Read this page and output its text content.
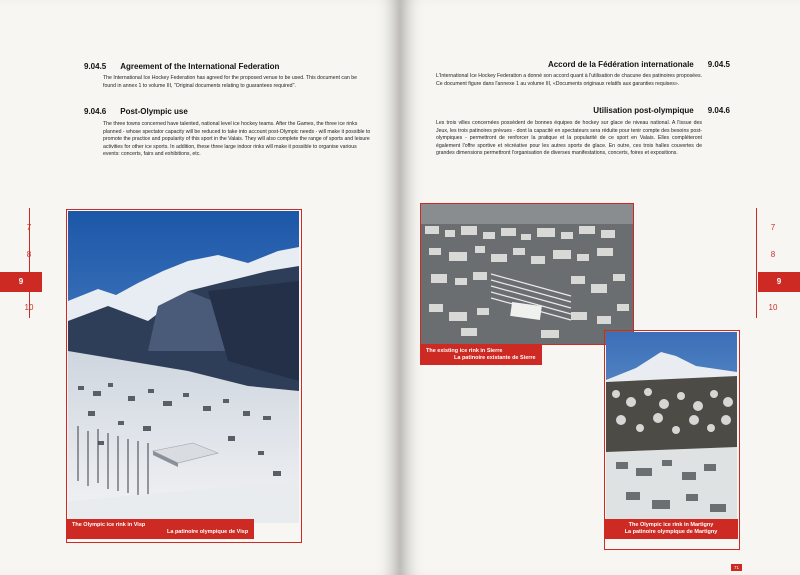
9.04.5 Agreement of the International Federation
The International Ice Hockey Federation has agreed for the proposed venue to be used. This document can be found in annex 1 to volume III, "Original documents relating to guarantees required".
9.04.6 Post-Olympic use
The three towns concerned have talented, national level ice hockey teams. After the Games, the three ice rinks planned - whose spectator capacity will be reduced to take into account post-Olympic needs - will make it possible to promote the practice and popularity of this sport in the Valais. They will also complete the range of sports and leisure activities for other ice sports. In addition, these three large indoor rinks will make it possible to organise various events: concerts, fairs and exhibitions, etc.
7
8
9
10
The Olympic ice rink in Visp
La patinoire olympique de Visp
Accord de la Fédération internationale 9.04.5
L'International Ice Hockey Federation a donné son accord quant à l'utilisation de chacune des patinoires proposées. Ce document figure dans l'annexe 1 au volume III, «Documents originaux relatifs aux garanties requises».
Utilisation post-olympique 9.04.6
Les trois villes concernées possèdent de bonnes équipes de hockey sur glace de niveau national. A l'issue des Jeux, les trois patinoires prévues - dont la capacité en spectateurs sera réduite pour tenir compte des besoins post-olympiques - permettront de renforcer la pratique et la popularité de ce sport en Valais. Elles compléteront également l'offre sportive et récréative pour les autres sports de glace. En outre, ces trois halles couvertes de grandes dimensions permettront l'organisation de diverses manifestations, concerts, foires et expositions.
7
8
9
10
The existing ice rink in Sierre
La patinoire existante de Sierre
The Olympic ice rink in Martigny
La patinoire olympique de Martigny
71
